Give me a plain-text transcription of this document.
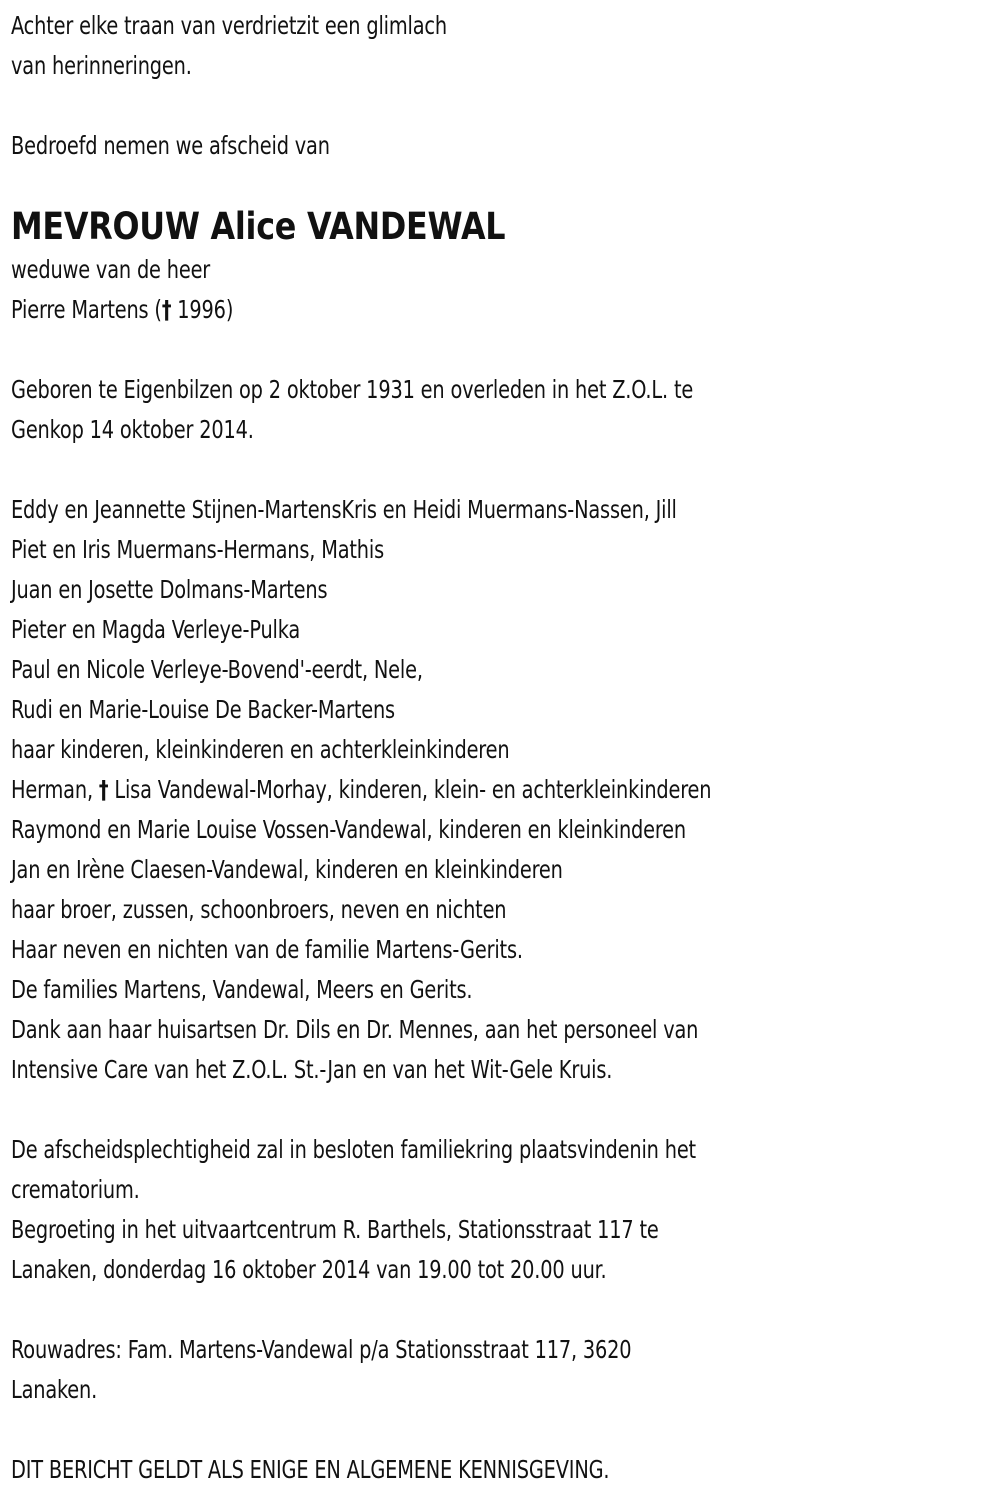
Achter elke traan van verdrietzit een glimlach
van herinneringen.
Bedroefd nemen we afscheid van
MEVROUW Alice VANDEWAL
weduwe van de heer
Pierre Martens († 1996)
Geboren te Eigenbilzen op 2 oktober 1931 en overleden in het Z.O.L. te
Genkop 14 oktober 2014.
Eddy en Jeannette Stijnen-MartensKris en Heidi Muermans-Nassen, Jill
Piet en Iris Muermans-Hermans, Mathis
Juan en Josette Dolmans-Martens
Pieter en Magda Verleye-Pulka
Paul en Nicole Verleye-Bovend'-eerdt, Nele,
Rudi en Marie-Louise De Backer-Martens
haar kinderen, kleinkinderen en achterkleinkinderen
Herman, † Lisa Vandewal-Morhay, kinderen, klein- en achterkleinkinderen
Raymond en Marie Louise Vossen-Vandewal, kinderen en kleinkinderen
Jan en Irène Claesen-Vandewal, kinderen en kleinkinderen
haar broer, zussen, schoonbroers, neven en nichten
Haar neven en nichten van de familie Martens-Gerits.
De families Martens, Vandewal, Meers en Gerits.
Dank aan haar huisartsen Dr. Dils en Dr. Mennes, aan het personeel van
Intensive Care van het Z.O.L. St.-Jan en van het Wit-Gele Kruis.
De afscheidsplechtigheid zal in besloten familiekring plaatsvindenin het
crematorium.
Begroeting in het uitvaartcentrum R. Barthels, Stationsstraat 117 te
Lanaken, donderdag 16 oktober 2014 van 19.00 tot 20.00 uur.
Rouwadres: Fam. Martens-Vandewal p/a Stationsstraat 117, 3620
Lanaken.
DIT BERICHT GELDT ALS ENIGE EN ALGEMENE KENNISGEVING.
